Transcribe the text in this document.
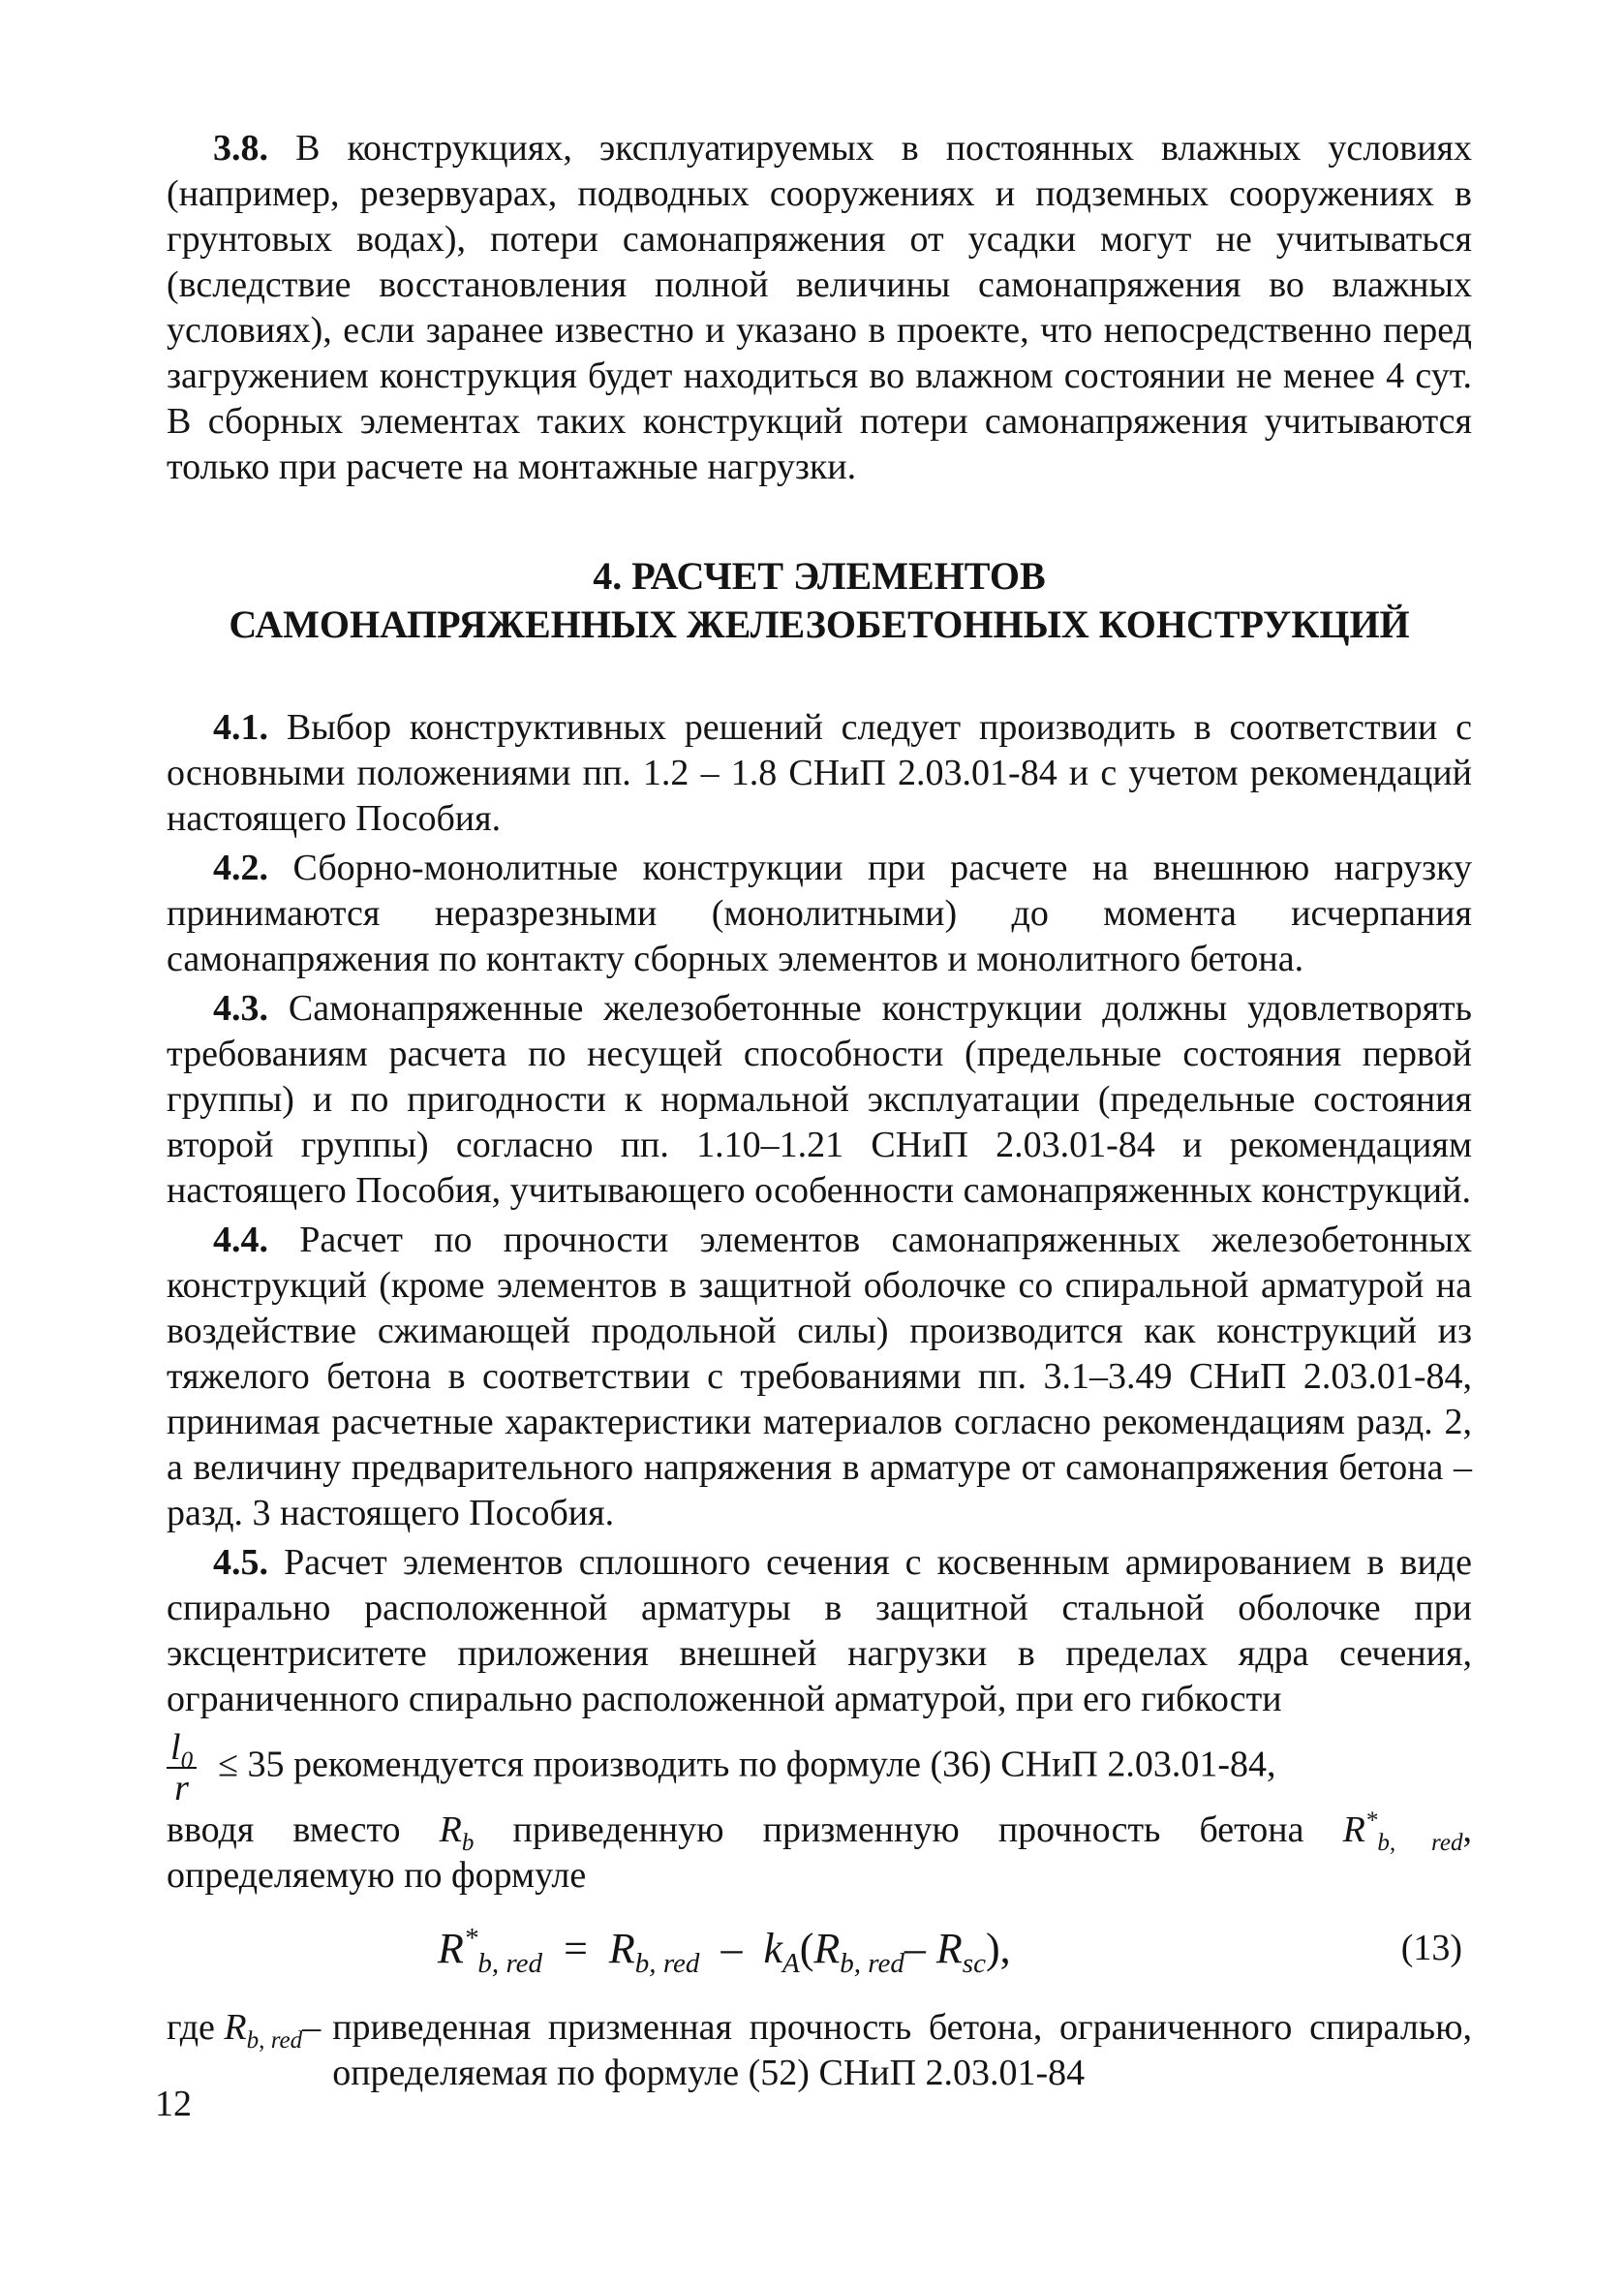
3.8. В конструкциях, эксплуатируемых в постоянных влажных условиях (например, резервуарах, подводных сооружениях и подземных сооружениях в грунтовых водах), потери самонапряжения от усадки могут не учитываться (вследствие восстановления полной величины самонапряжения во влажных условиях), если заранее известно и указано в проекте, что непосредственно перед загружением конструкция будет находиться во влажном состоянии не менее 4 сут. В сборных элементах таких конструкций потери самонапряжения учитываются только при расчете на монтажные нагрузки.

4. РАСЧЕТ ЭЛЕМЕНТОВ
САМОНАПРЯЖЕННЫХ ЖЕЛЕЗОБЕТОННЫХ КОНСТРУКЦИЙ

4.1. Выбор конструктивных решений следует производить в соответствии с основными положениями пп. 1.2 – 1.8 СНиП 2.03.01-84 и с учетом рекомендаций настоящего Пособия.

4.2. Сборно-монолитные конструкции при расчете на внешнюю нагрузку принимаются неразрезными (монолитными) до момента исчерпания самонапряжения по контакту сборных элементов и монолитного бетона.

4.3. Самонапряженные железобетонные конструкции должны удовлетворять требованиям расчета по несущей способности (предельные состояния первой группы) и по пригодности к нормальной эксплуатации (предельные состояния второй группы) согласно пп. 1.10–1.21 СНиП 2.03.01-84 и рекомендациям настоящего Пособия, учитывающего особенности самонапряженных конструкций.

4.4. Расчет по прочности элементов самонапряженных железобетонных конструкций (кроме элементов в защитной оболочке со спиральной арматурой на воздействие сжимающей продольной силы) производится как конструкций из тяжелого бетона в соответствии с требованиями пп. 3.1–3.49 СНиП 2.03.01-84, принимая расчетные характеристики материалов согласно рекомендациям разд. 2, а величину предварительного напряжения в арматуре от самонапряжения бетона – разд. 3 настоящего Пособия.

4.5. Расчет элементов сплошного сечения с косвенным армированием в виде спирально расположенной арматуры в защитной стальной оболочке при эксцентриситете приложения внешней нагрузки в пределах ядра сечения, ограниченного спирально расположенной арматурой, при его гибкости

$\frac{l_0}{r} \le 35$ рекомендуется производить по формуле (36) СНиП 2.03.01-84,

вводя вместо $R_b$ приведенную призменную прочность бетона $R^*_{b, red}$, определяемую по формуле

$R^*_{b, red} = R_{b, red} - k_A(R_{b, red}-$ $R_{sc}$),	(13)
где $R_{b, red}-$ приведенная призменная прочность бетона, ограниченного спиралью, определяемая по формуле (52) СНиП 2.03.01-84
12
